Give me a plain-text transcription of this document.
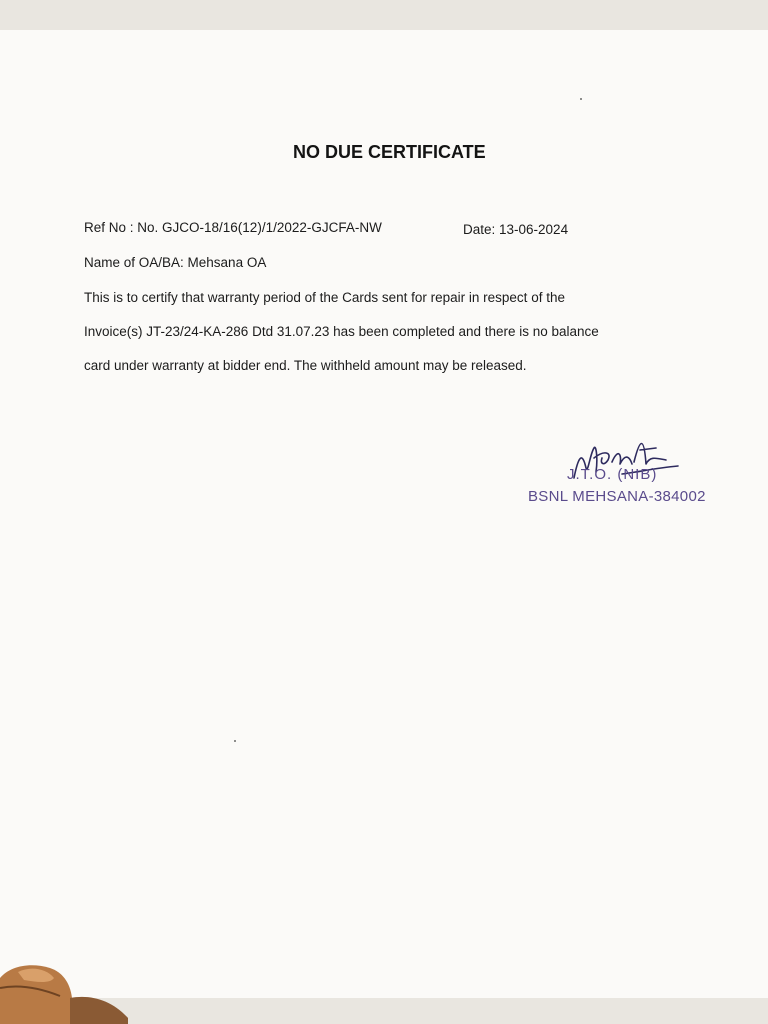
NO DUE CERTIFICATE
Ref No : No. GJCO-18/16(12)/1/2022-GJCFA-NW	Date: 13-06-2024
Name of OA/BA: Mehsana OA
This is to certify that warranty period of the Cards sent for repair in respect of the
Invoice(s) JT-23/24-KA-286 Dtd 31.07.23 has been completed and there is no balance
card under warranty at bidder end. The withheld amount may be released.
J.T.O. (NIB)
BSNL MEHSANA-384002
